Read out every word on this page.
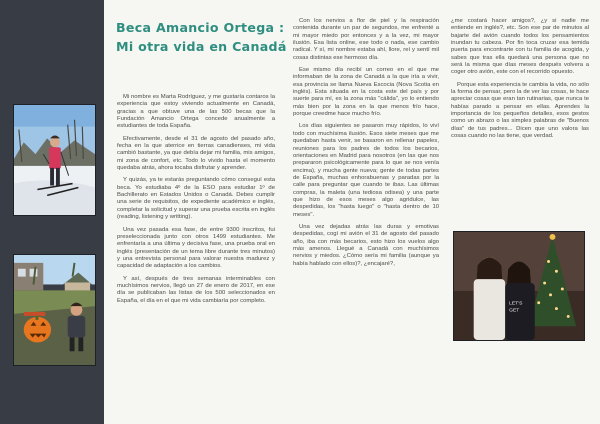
Beca Amancio Ortega :
Mi otra vida en Canadá

Mi nombre es Marta Rodríguez, y me gustaría contaros la experiencia que estoy viviendo actualmente en Canadá, gracias a que obtuve una de las 500 becas que la Fundación Amancio Ortega concede anualmente a estudiantes de toda España.

Efectivamente, desde el 31 de agosto del pasado año, fecha en la que aterrice en tierras canadienses, mi vida cambió bastante, ya que debía dejar mi familia, mis amigos, mi zona de confort, etc. Todo lo vivido hasta el momento quedaba atrás, ahora tocaba disfrutar y aprender.

Y quizás, ya te estarás preguntando cómo conseguí esta beca. Yo estudiaba 4º de la ESO para estudiar 1º de Bachillerato en Estados Unidos o Canadá. Debes cumplir una serie de requisitos, de expediente académico e inglés, completar la solicitud y superar una prueba escrita en inglés (reading, listening y writting).

Una vez pasada esa fase, de entre 9300 inscritos, fui preseleccionada junto con otros 1499 estudiantes. Me enfrentaría a una última y decisiva fase, una prueba oral en inglés (presentación de un tema libre durante tres minutos) y una entrevista personal para valorar nuestra madurez y capacidad de adaptación a los cambios.

Y así, después de tres semanas interminables con muchísimos nervios, llegó un 27 de enero de 2017, en ese día se publicaban las listas de los 500 seleccionados en España, el día en el que mi vida cambiaría por completo.

Con los nervios a flor de piel y la respiración contenida durante un par de segundos, me enfrenté a mi mayor miedo por entonces y a la vez, mi mayor ilusión. Esa lista online, ese todo o nada, ese cambio radical. Y sí, mi nombre estaba ahí, llore, reí y sentí mil cosas distintas ese hermoso día.

Ese mismo día recibí un correo en el que me informaban de la zona de Canadá a la que iría a vivir, esa provincia se llama Nueva Escocia (Nova Scotia en inglés). Esta situada en la costa este del país y por suerte para mí, es la zona más "cálida", yo lo entiendo más bien por la zona en la que menos frío hace, porque creedme hace mucho frío.

Los días siguientes se pasaron muy rápidos, lo viví todo con muchísima ilusión. Esos siete meses que me quedaban hasta venir, se basaron en rellenar papeles, reuniones para los padres de todos los becarios, orientaciones en Madrid para nosotros (en las que nos prepararon psicológicamente para lo que se nos venía encima), y mucha gente nueva; gente de todas partes de España, muchas enhorabuenas y paradas por la calle para preguntar que cuando te ibas. Las últimas compras, la maleta (una tediosa odisea) y una parte que hizo de esos meses algo agridulce, las despedidas, los "hasta luego" o "hasta dentro de 10 meses".

Una vez dejadas atrás las duras y emotivas despedidas, cogí mi avión el 31 de agosto del pasado año, iba con más becarios, esto hizo los vuelos algo más amenos. Llegué a Canadá con muchísimos nervios y miedos. ¿Cómo sería mi familia (aunque ya había hablado con ellos)?, ¿encajaré?,

¿me costará hacer amigos?, ¿y si nadie me entiende en inglés?, etc. Son ese par de minutos al bajarte del avión cuando todos los pensamientos inundan tu cabeza. Por fin toca cruzar esa temida puerta para encontrarte con tu familia de acogida, y sabes que tras ella quedará una persona que no será la misma que días meses después volvera a coger otro avión, este con el recorrido opuesto.

Porque esta experiencia te cambia la vida, no sólo la forma de pensar, pero la de ver las cosas, te hace apreciar cosas que eran tan rutinarias, que nunca te habías parado a pensar en ellas. Aprendes la importancia de los pequeños detalles, esos gestos como un abrazo o las simples palabras de "Buenos días" de tus padres... Dicen que uno valora las cosas cuando no las tiene, que verdad.

LET'S
GET
